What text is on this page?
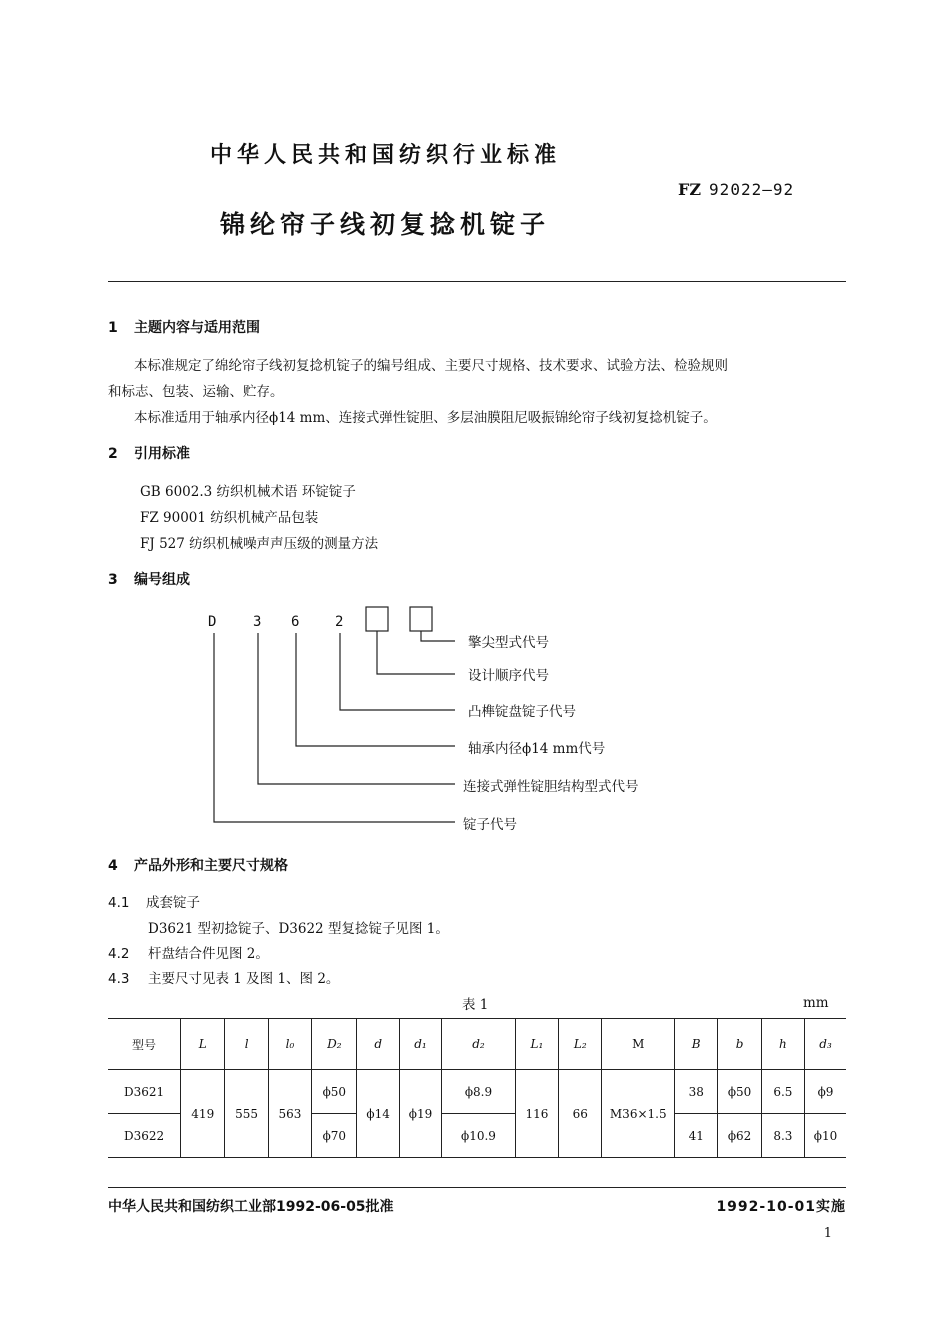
中华人民共和国纺织行业标准
FZ 92022—92
锦纶帘子线初复捻机锭子
1 主题内容与适用范围
本标准规定了绵纶帘子线初复捻机锭子的编号组成、主要尺寸规格、技术要求、试验方法、检验规则
和标志、包装、运输、贮存。
本标准适用于轴承内径ϕ14 mm、连接式弹性锭胆、多层油膜阻尼吸振锦纶帘子线初复捻机锭子。
2 引用标准
GB 6002.3 纺织机械术语 环锭锭子
FZ 90001 纺织机械产品包装
FJ 527 纺织机械噪声声压级的测量方法
3 编号组成
D	3 6	2
擎尖型式代号
设计顺序代号
凸榫锭盘锭子代号
轴承内径ϕ14 mm代号
连接式弹性锭胆结构型式代号
锭子代号
4 产品外形和主要尺寸规格
4.1 成套锭子
D3621 型初捻锭子、D3622 型复捻锭子见图 1。
4.2 杆盘结合件见图 2。
4.3 主要尺寸见表 1 及图 1、图 2。
表 1	mm
型号	L	l	l₀	D₂	d	d₁	d₂	L₁	L₂	M	B	b	h	d₃
D3621	419	555	563	ϕ50	ϕ14	ϕ19	ϕ8.9	116	66	M36×1.5	38	ϕ50	6.5	ϕ9
D3622				ϕ70			ϕ10.9				41	ϕ62	8.3	ϕ10
中华人民共和国纺织工业部1992-06-05批准	1992-10-01实施
1
